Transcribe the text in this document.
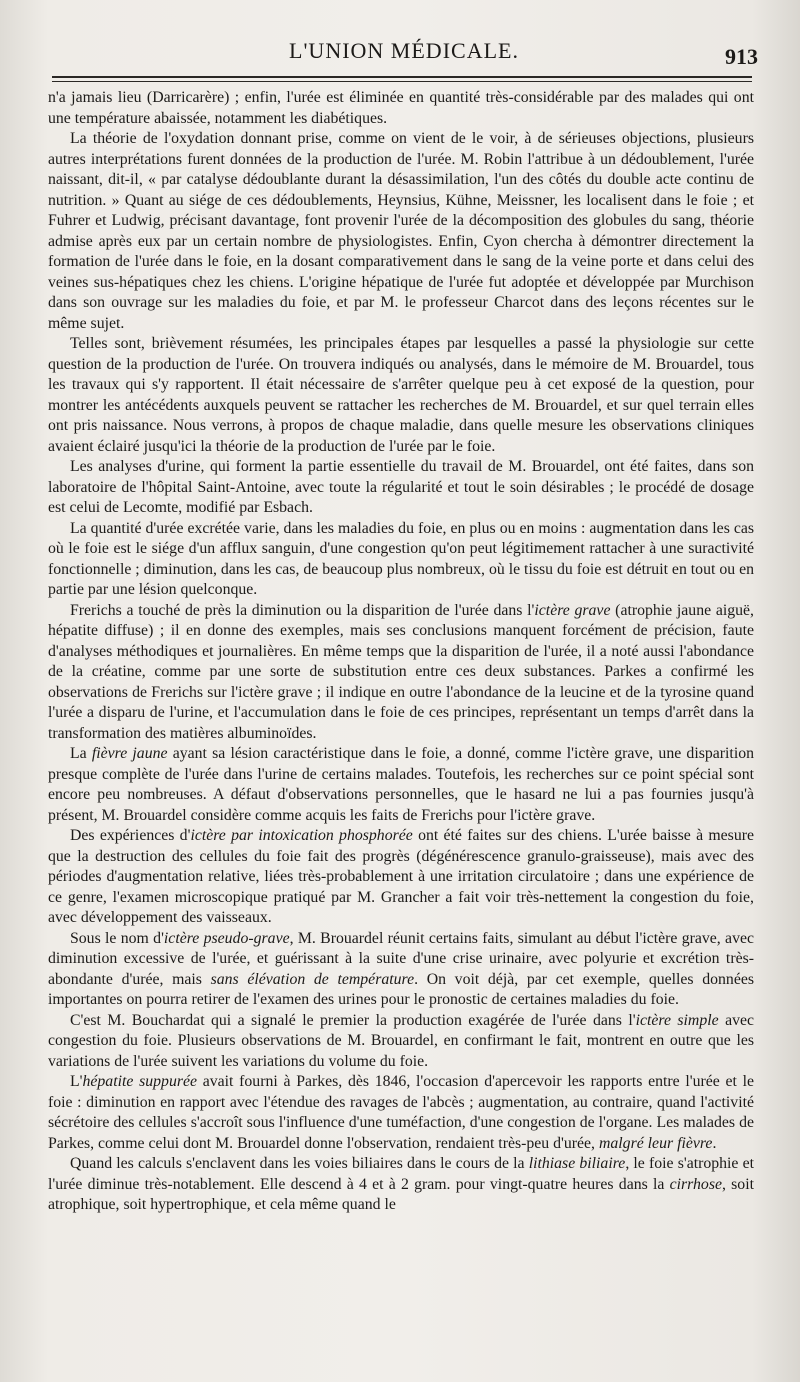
L'UNION MÉDICALE.	913

n'a jamais lieu (Darricarère) ; enfin, l'urée est éliminée en quantité très-considérable par des malades qui ont une température abaissée, notamment les diabétiques.

La théorie de l'oxydation donnant prise, comme on vient de le voir, à de sérieuses objections, plusieurs autres interprétations furent données de la production de l'urée. M. Robin l'attribue à un dédoublement, l'urée naissant, dit-il, « par catalyse dédoublante durant la désassimilation, l'un des côtés du double acte continu de nutrition. » Quant au siége de ces dédoublements, Heynsius, Kühne, Meissner, les localisent dans le foie ; et Fuhrer et Ludwig, précisant davantage, font provenir l'urée de la décomposition des globules du sang, théorie admise après eux par un certain nombre de physiologistes. Enfin, Cyon chercha à démontrer directement la formation de l'urée dans le foie, en la dosant comparativement dans le sang de la veine porte et dans celui des veines sus-hépatiques chez les chiens. L'origine hépatique de l'urée fut adoptée et développée par Murchison dans son ouvrage sur les maladies du foie, et par M. le professeur Charcot dans des leçons récentes sur le même sujet.

Telles sont, brièvement résumées, les principales étapes par lesquelles a passé la physiologie sur cette question de la production de l'urée. On trouvera indiqués ou analysés, dans le mémoire de M. Brouardel, tous les travaux qui s'y rapportent. Il était nécessaire de s'arrêter quelque peu à cet exposé de la question, pour montrer les antécédents auxquels peuvent se rattacher les recherches de M. Brouardel, et sur quel terrain elles ont pris naissance. Nous verrons, à propos de chaque maladie, dans quelle mesure les observations cliniques avaient éclairé jusqu'ici la théorie de la production de l'urée par le foie.

Les analyses d'urine, qui forment la partie essentielle du travail de M. Brouardel, ont été faites, dans son laboratoire de l'hôpital Saint-Antoine, avec toute la régularité et tout le soin désirables ; le procédé de dosage est celui de Lecomte, modifié par Esbach.

La quantité d'urée excrétée varie, dans les maladies du foie, en plus ou en moins : augmentation dans les cas où le foie est le siége d'un afflux sanguin, d'une congestion qu'on peut légitimement rattacher à une suractivité fonctionnelle ; diminution, dans les cas, de beaucoup plus nombreux, où le tissu du foie est détruit en tout ou en partie par une lésion quelconque.

Frerichs a touché de près la diminution ou la disparition de l'urée dans l'ictère grave (atrophie jaune aiguë, hépatite diffuse) ; il en donne des exemples, mais ses conclusions manquent forcément de précision, faute d'analyses méthodiques et journalières. En même temps que la disparition de l'urée, il a noté aussi l'abondance de la créatine, comme par une sorte de substitution entre ces deux substances. Parkes a confirmé les observations de Frerichs sur l'ictère grave ; il indique en outre l'abondance de la leucine et de la tyrosine quand l'urée a disparu de l'urine, et l'accumulation dans le foie de ces principes, représentant un temps d'arrêt dans la transformation des matières albuminoïdes.

La fièvre jaune ayant sa lésion caractéristique dans le foie, a donné, comme l'ictère grave, une disparition presque complète de l'urée dans l'urine de certains malades. Toutefois, les recherches sur ce point spécial sont encore peu nombreuses. A défaut d'observations personnelles, que le hasard ne lui a pas fournies jusqu'à présent, M. Brouardel considère comme acquis les faits de Frerichs pour l'ictère grave.

Des expériences d'ictère par intoxication phosphorée ont été faites sur des chiens. L'urée baisse à mesure que la destruction des cellules du foie fait des progrès (dégénérescence granulo-graisseuse), mais avec des périodes d'augmentation relative, liées très-probablement à une irritation circulatoire ; dans une expérience de ce genre, l'examen microscopique pratiqué par M. Grancher a fait voir très-nettement la congestion du foie, avec développement des vaisseaux.

Sous le nom d'ictère pseudo-grave, M. Brouardel réunit certains faits, simulant au début l'ictère grave, avec diminution excessive de l'urée, et guérissant à la suite d'une crise urinaire, avec polyurie et excrétion très-abondante d'urée, mais sans élévation de température. On voit déjà, par cet exemple, quelles données importantes on pourra retirer de l'examen des urines pour le pronostic de certaines maladies du foie.

C'est M. Bouchardat qui a signalé le premier la production exagérée de l'urée dans l'ictère simple avec congestion du foie. Plusieurs observations de M. Brouardel, en confirmant le fait, montrent en outre que les variations de l'urée suivent les variations du volume du foie.

L'hépatite suppurée avait fourni à Parkes, dès 1846, l'occasion d'apercevoir les rapports entre l'urée et le foie : diminution en rapport avec l'étendue des ravages de l'abcès ; augmentation, au contraire, quand l'activité sécrétoire des cellules s'accroît sous l'influence d'une tuméfaction, d'une congestion de l'organe. Les malades de Parkes, comme celui dont M. Brouardel donne l'observation, rendaient très-peu d'urée, malgré leur fièvre.

Quand les calculs s'enclavent dans les voies biliaires dans le cours de la lithiase biliaire, le foie s'atrophie et l'urée diminue très-notablement. Elle descend à 4 et à 2 gram. pour vingt-quatre heures dans la cirrhose, soit atrophique, soit hypertrophique, et cela même quand le
